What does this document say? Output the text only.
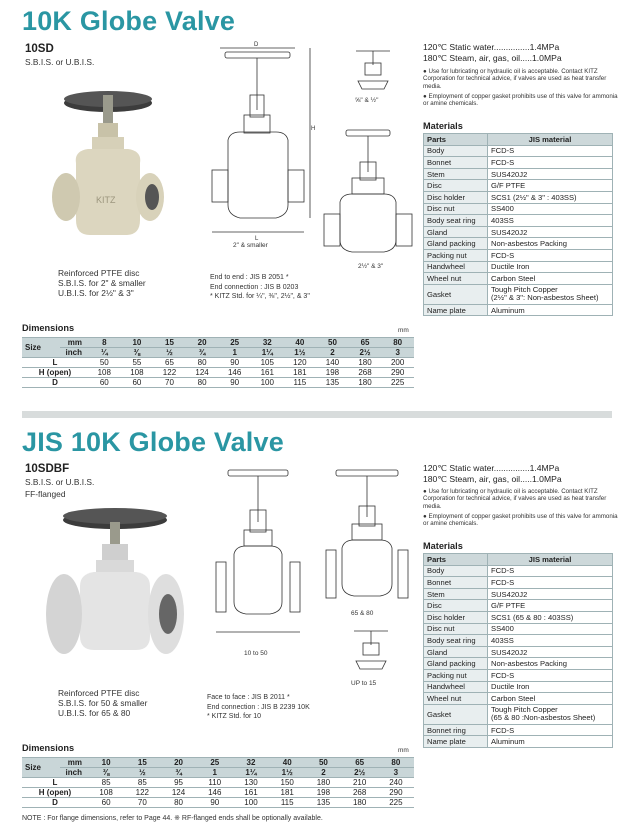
10K Globe Valve
10SD
S.B.I.S. or U.B.I.S.
KITZ
Reinforced PTFE disc
S.B.I.S. for 2" & smaller
U.B.I.S. for 2½" & 3"
D
H
L
2" & smaller
⅝" & ½"
2½" & 3"
End to end : JIS B 2051 *
End connection : JIS B 0203
* KITZ Std. for ¼", ⅜", 2½", & 3"
120℃ Static water...............1.4MPa
180℃ Steam, air, gas, oil.....1.0MPa
● Use for lubricating or hydraulic oil is acceptable. Contact KITZ Corporation for technical advice, if valves are used as heat transfer media.
● Employment of copper gasket prohibits use of this valve for ammonia or amine chemicals.
Materials
Parts	JIS material
Body	FCD-S
Bonnet	FCD-S
Stem	SUS420J2
Disc	G/F PTFE
Disc holder	SCS1 (2½" & 3" : 403SS)
Disc nut	SS400
Body seat ring	403SS
Gland	SUS420J2
Gland packing	Non-asbestos Packing
Packing nut	FCD-S
Handwheel	Ductile Iron
Wheel nut	Carbon Steel
Gasket	Tough Pitch Copper
(2½" & 3": Non-asbestos Sheet)
Name plate	Aluminum
Dimensions	mm
Size	mm	8	10	15	20	25	32	40	50	65	80
	inch	¼	⅜	½	¾	1	1¼	1½	2	2½	3
L		50	55	65	80	90	105	120	140	180	200
H (open)		108	108	122	124	146	161	181	198	268	290
D		60	60	70	80	90	100	115	135	180	225
JIS 10K Globe Valve
10SDBF
S.B.I.S. or U.B.I.S.
FF-flanged
Reinforced PTFE disc
S.B.I.S. for 50 & smaller
U.B.I.S. for 65 & 80
10 to 50
65 & 80
UP to 15
Face to face : JIS B 2011 *
End connection : JIS B 2239 10K
* KITZ Std. for 10
120℃ Static water...............1.4MPa
180℃ Steam, air, gas, oil.....1.0MPa
● Use for lubricating or hydraulic oil is acceptable. Contact KITZ Corporation for technical advice, if valves are used as heat transfer media.
● Employment of copper gasket prohibits use of this valve for ammonia or amine chemicals.
Materials
Parts	JIS material
Body	FCD-S
Bonnet	FCD-S
Stem	SUS420J2
Disc	G/F PTFE
Disc holder	SCS1 (65 & 80 : 403SS)
Disc nut	SS400
Body seat ring	403SS
Gland	SUS420J2
Gland packing	Non-asbestos Packing
Packing nut	FCD-S
Handwheel	Ductile Iron
Wheel nut	Carbon Steel
Gasket	Tough Pitch Copper
(65 & 80 :Non-asbestos Sheet)
Bonnet ring	FCD-S
Name plate	Aluminum
Dimensions	mm
Size	mm	10	15	20	25	32	40	50	65	80
	inch	⅜	½	¾	1	1¼	1½	2	2½	3
L		85	85	95	110	130	150	180	210	240
H (open)		108	122	124	146	161	181	198	268	290
D		60	70	80	90	100	115	135	180	225
NOTE : For flange dimensions, refer to Page 44. ※ RF-flanged ends shall be optionally available.
